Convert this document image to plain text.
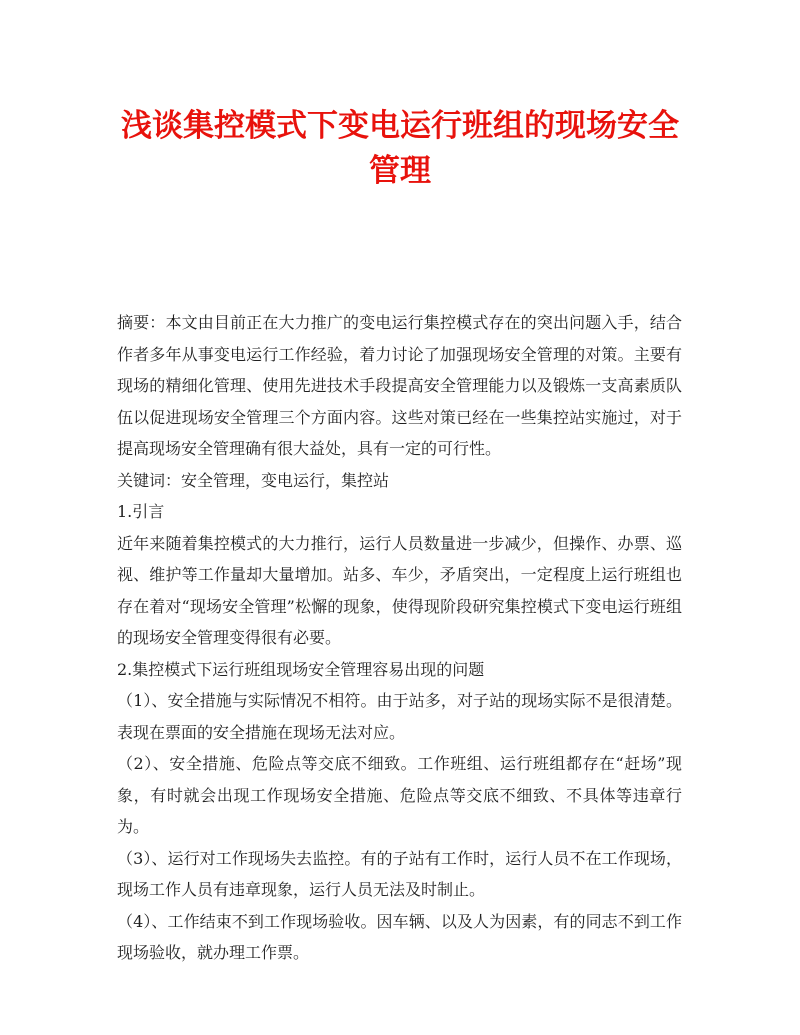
浅谈集控模式下变电运行班组的现场安全管理

摘要：本文由目前正在大力推广的变电运行集控模式存在的突出问题入手，结合作者多年从事变电运行工作经验，着力讨论了加强现场安全管理的对策。主要有现场的精细化管理、使用先进技术手段提高安全管理能力以及锻炼一支高素质队伍以促进现场安全管理三个方面内容。这些对策已经在一些集控站实施过，对于提高现场安全管理确有很大益处，具有一定的可行性。

关键词：安全管理，变电运行，集控站

1.引言

近年来随着集控模式的大力推行，运行人员数量进一步减少，但操作、办票、巡视、维护等工作量却大量增加。站多、车少，矛盾突出，一定程度上运行班组也存在着对“现场安全管理”松懈的现象，使得现阶段研究集控模式下变电运行班组的现场安全管理变得很有必要。

2.集控模式下运行班组现场安全管理容易出现的问题

（1）、安全措施与实际情况不相符。由于站多，对子站的现场实际不是很清楚。表现在票面的安全措施在现场无法对应。

（2）、安全措施、危险点等交底不细致。工作班组、运行班组都存在“赶场”现象，有时就会出现工作现场安全措施、危险点等交底不细致、不具体等违章行为。

（3）、运行对工作现场失去监控。有的子站有工作时，运行人员不在工作现场，现场工作人员有违章现象，运行人员无法及时制止。

（4）、工作结束不到工作现场验收。因车辆、以及人为因素，有的同志不到工作现场验收，就办理工作票。
